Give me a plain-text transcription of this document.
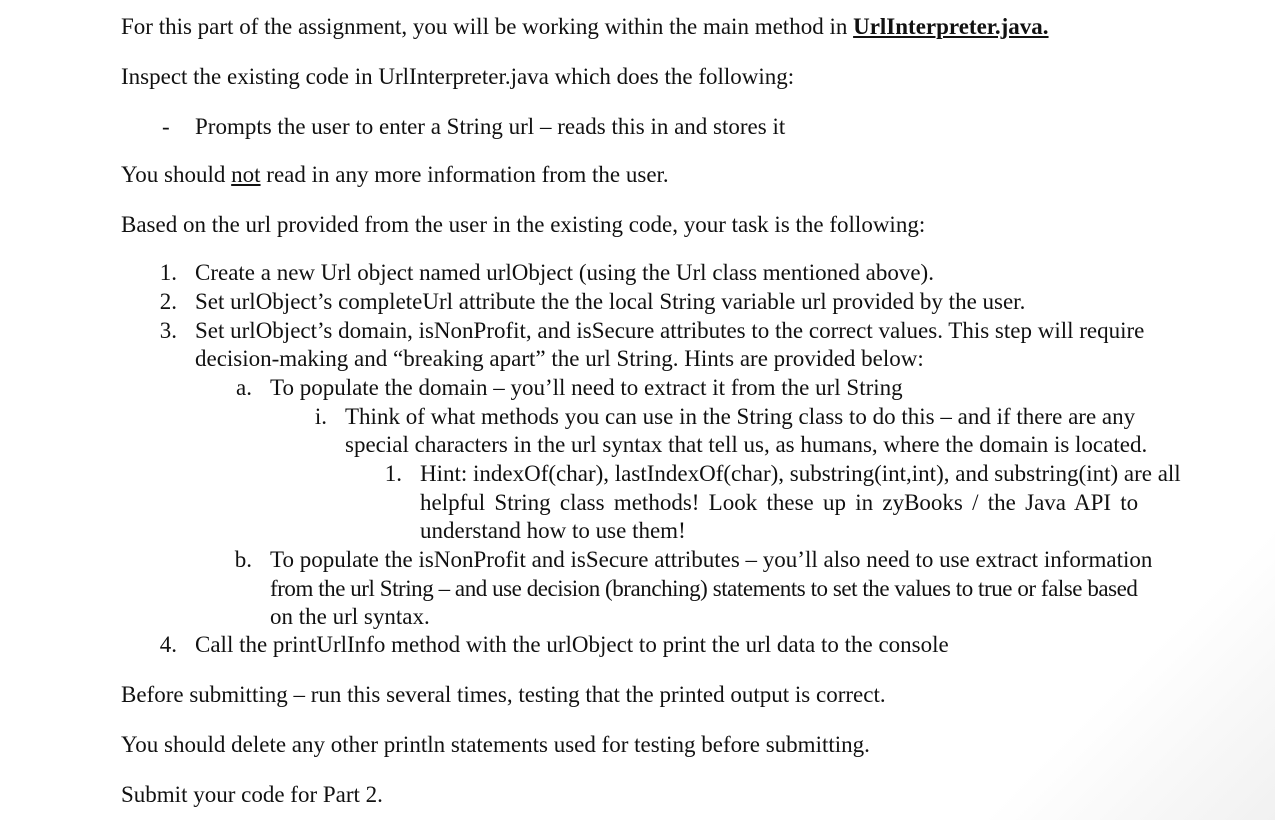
For this part of the assignment, you will be working within the main method in UrlInterpreter.java.
Inspect the existing code in UrlInterpreter.java which does the following:
- Prompts the user to enter a String url – reads this in and stores it
You should not read in any more information from the user.
Based on the url provided from the user in the existing code, your task is the following:
1. Create a new Url object named urlObject (using the Url class mentioned above).
2. Set urlObject’s completeUrl attribute the the local String variable url provided by the user.
3. Set urlObject’s domain, isNonProfit, and isSecure attributes to the correct values. This step will require
decision-making and “breaking apart” the url String. Hints are provided below:
a. To populate the domain – you’ll need to extract it from the url String
i. Think of what methods you can use in the String class to do this – and if there are any
special characters in the url syntax that tell us, as humans, where the domain is located.
1. Hint: indexOf(char), lastIndexOf(char), substring(int,int), and substring(int) are all
helpful String class methods! Look these up in zyBooks / the Java API to
understand how to use them!
b. To populate the isNonProfit and isSecure attributes – you’ll also need to use extract information
from the url String – and use decision (branching) statements to set the values to true or false based
on the url syntax.
4. Call the printUrlInfo method with the urlObject to print the url data to the console
Before submitting – run this several times, testing that the printed output is correct.
You should delete any other println statements used for testing before submitting.
Submit your code for Part 2.
